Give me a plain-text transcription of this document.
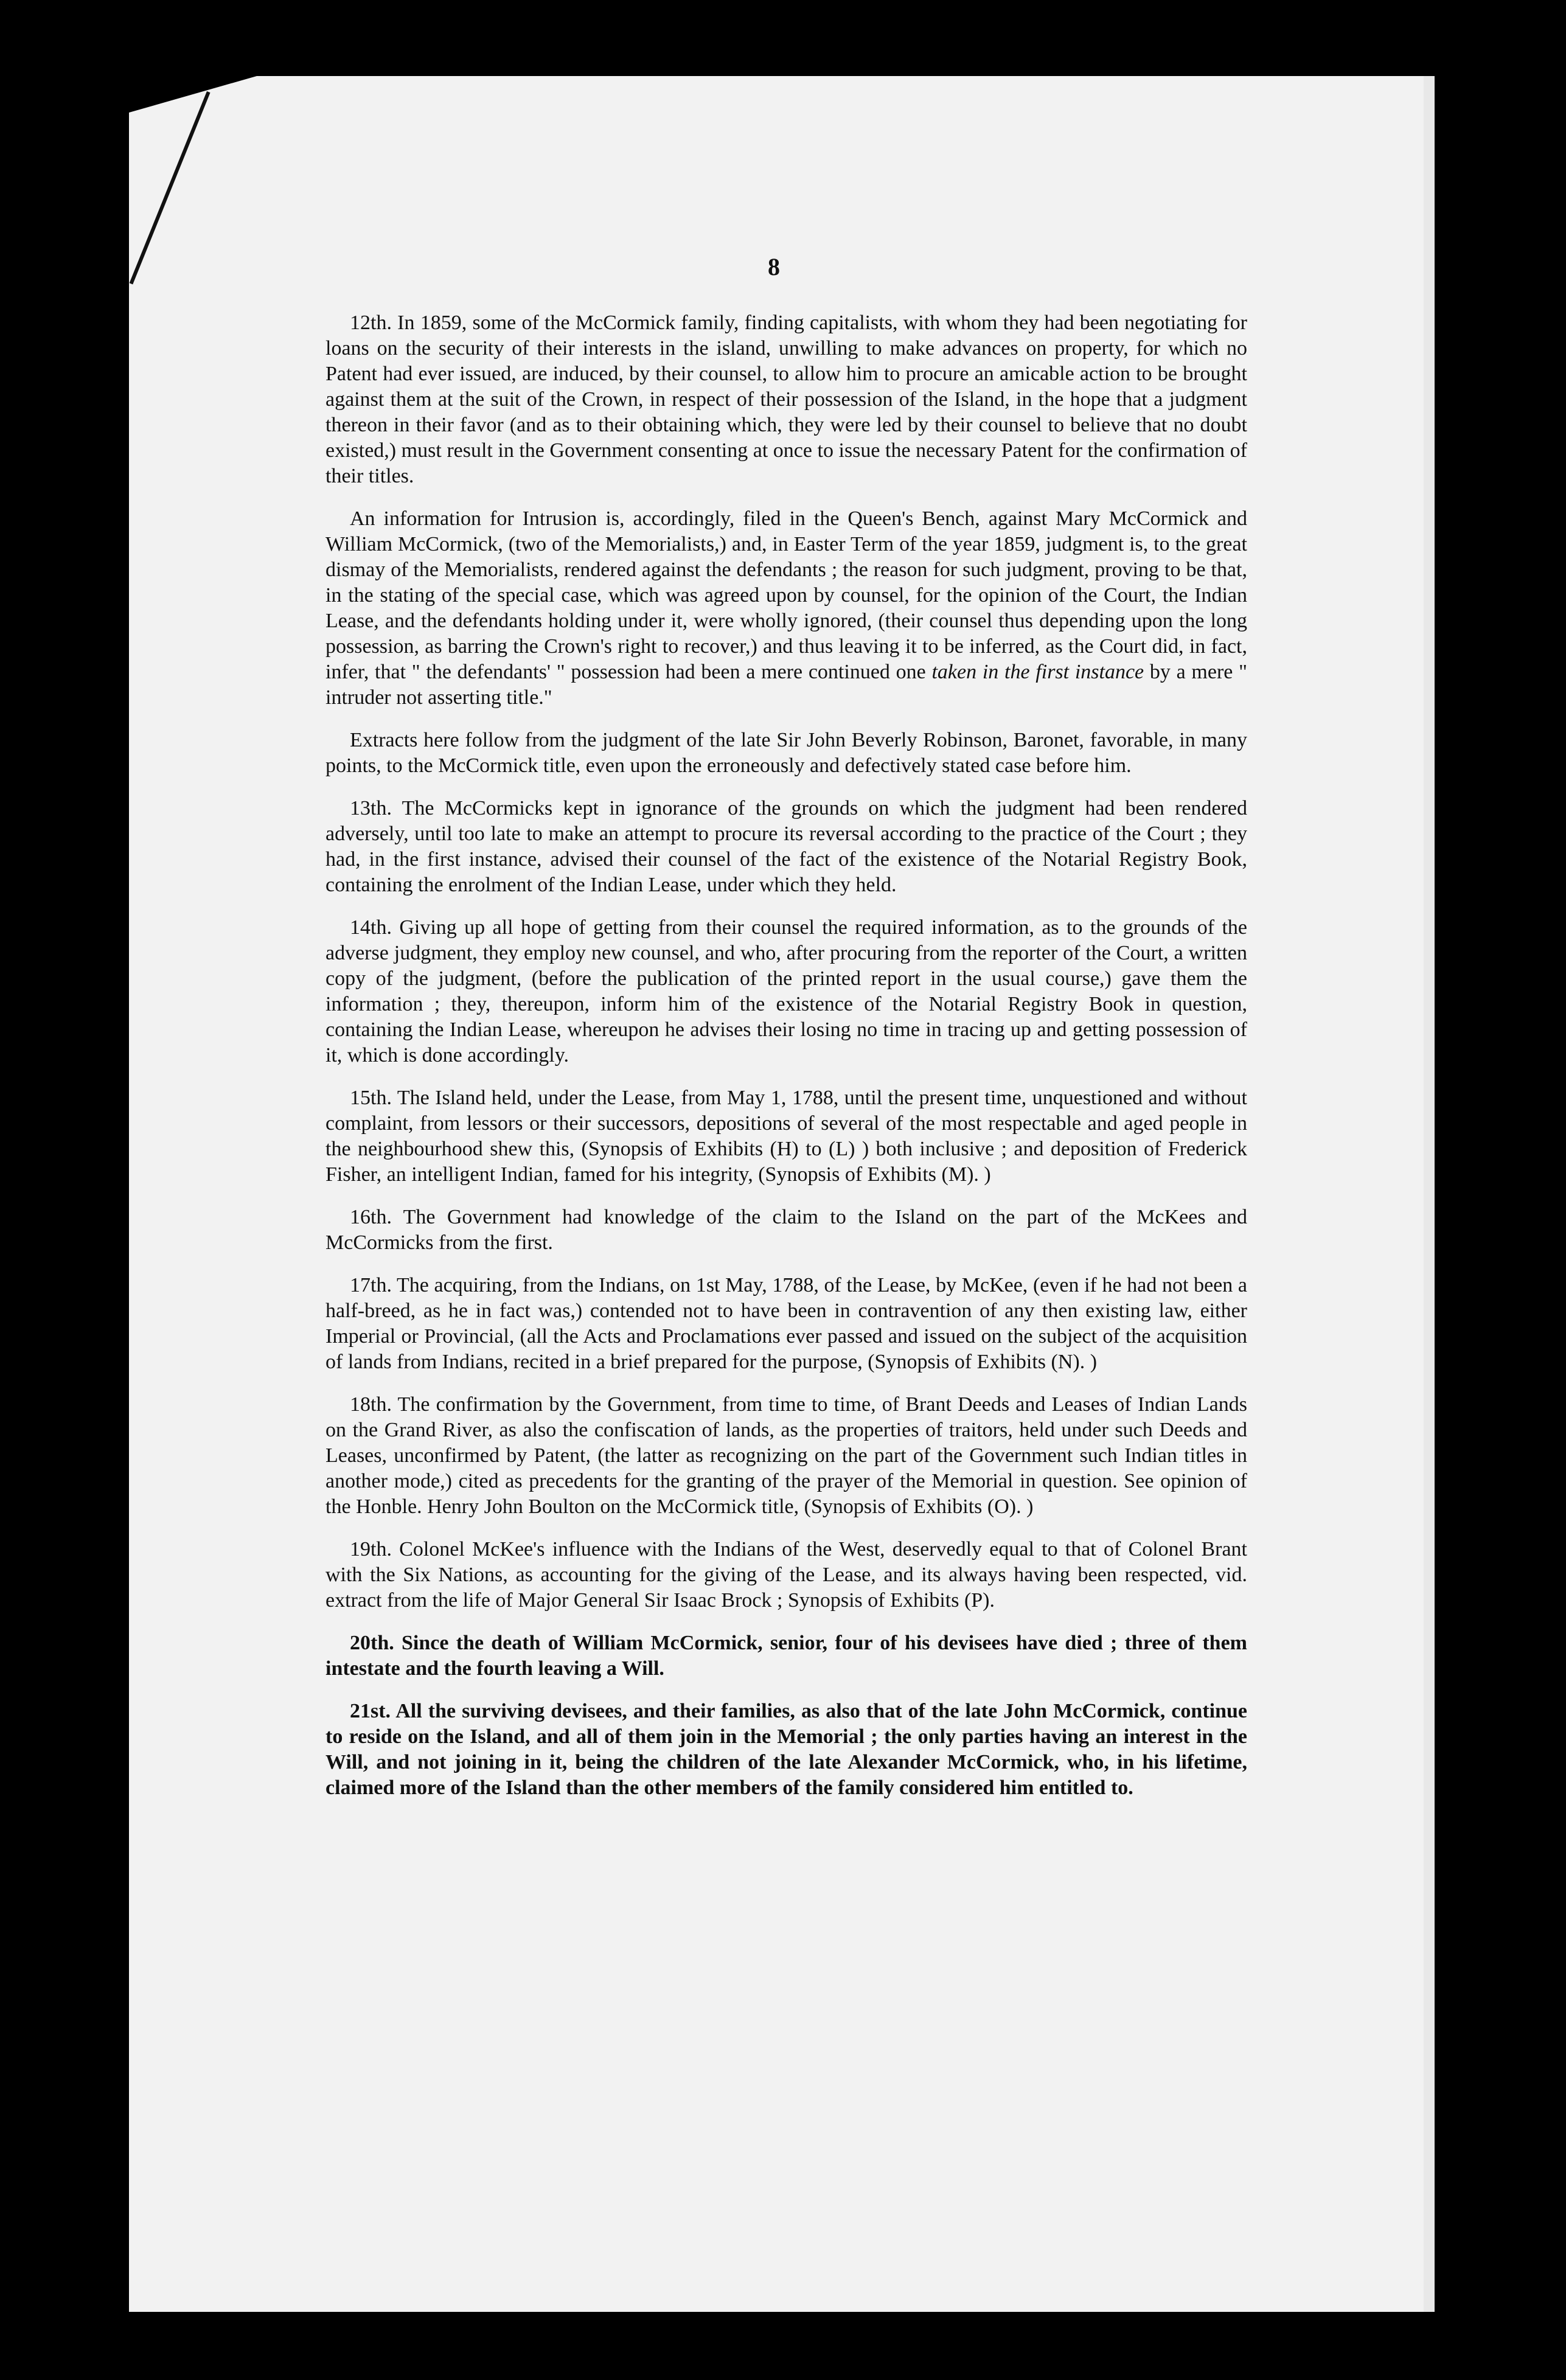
8

12th. In 1859, some of the McCormick family, finding capitalists, with whom they had been negotiating for loans on the security of their interests in the island, unwilling to make advances on property, for which no Patent had ever issued, are induced, by their counsel, to allow him to procure an amicable action to be brought against them at the suit of the Crown, in respect of their possession of the Island, in the hope that a judgment thereon in their favor (and as to their obtaining which, they were led by their counsel to believe that no doubt existed,) must result in the Government consenting at once to issue the necessary Patent for the confirmation of their titles.

An information for Intrusion is, accordingly, filed in the Queen's Bench, against Mary McCormick and William McCormick, (two of the Memorialists,) and, in Easter Term of the year 1859, judgment is, to the great dismay of the Memorialists, rendered against the defendants ; the reason for such judgment, proving to be that, in the stating of the special case, which was agreed upon by counsel, for the opinion of the Court, the Indian Lease, and the defendants holding under it, were wholly ignored, (their counsel thus depending upon the long possession, as barring the Crown's right to recover,) and thus leaving it to be inferred, as the Court did, in fact, infer, that " the defendants' " possession had been a mere continued one taken in the first instance by a mere " intruder not asserting title."

Extracts here follow from the judgment of the late Sir John Beverly Robinson, Baronet, favorable, in many points, to the McCormick title, even upon the erroneously and defectively stated case before him.

13th. The McCormicks kept in ignorance of the grounds on which the judgment had been rendered adversely, until too late to make an attempt to procure its reversal according to the practice of the Court ; they had, in the first instance, advised their counsel of the fact of the existence of the Notarial Registry Book, containing the enrolment of the Indian Lease, under which they held.

14th. Giving up all hope of getting from their counsel the required information, as to the grounds of the adverse judgment, they employ new counsel, and who, after procuring from the reporter of the Court, a written copy of the judgment, (before the publication of the printed report in the usual course,) gave them the information ; they, thereupon, inform him of the existence of the Notarial Registry Book in question, containing the Indian Lease, whereupon he advises their losing no time in tracing up and getting possession of it, which is done accordingly.

15th. The Island held, under the Lease, from May 1, 1788, until the present time, unquestioned and without complaint, from lessors or their successors, depositions of several of the most respectable and aged people in the neighbourhood shew this, (Synopsis of Exhibits (H) to (L) ) both inclusive ; and deposition of Frederick Fisher, an intelligent Indian, famed for his integrity, (Synopsis of Exhibits (M). )

16th. The Government had knowledge of the claim to the Island on the part of the McKees and McCormicks from the first.

17th. The acquiring, from the Indians, on 1st May, 1788, of the Lease, by McKee, (even if he had not been a half-breed, as he in fact was,) contended not to have been in contravention of any then existing law, either Imperial or Provincial, (all the Acts and Proclamations ever passed and issued on the subject of the acquisition of lands from Indians, recited in a brief prepared for the purpose, (Synopsis of Exhibits (N). )

18th. The confirmation by the Government, from time to time, of Brant Deeds and Leases of Indian Lands on the Grand River, as also the confiscation of lands, as the properties of traitors, held under such Deeds and Leases, unconfirmed by Patent, (the latter as recognizing on the part of the Government such Indian titles in another mode,) cited as precedents for the granting of the prayer of the Memorial in question. See opinion of the Honble. Henry John Boulton on the McCormick title, (Synopsis of Exhibits (O). )

19th. Colonel McKee's influence with the Indians of the West, deservedly equal to that of Colonel Brant with the Six Nations, as accounting for the giving of the Lease, and its always having been respected, vid. extract from the life of Major General Sir Isaac Brock ; Synopsis of Exhibits (P).

20th. Since the death of William McCormick, senior, four of his devisees have died ; three of them intestate and the fourth leaving a Will.

21st. All the surviving devisees, and their families, as also that of the late John McCormick, continue to reside on the Island, and all of them join in the Memorial ; the only parties having an interest in the Will, and not joining in it, being the children of the late Alexander McCormick, who, in his lifetime, claimed more of the Island than the other members of the family considered him entitled to.
